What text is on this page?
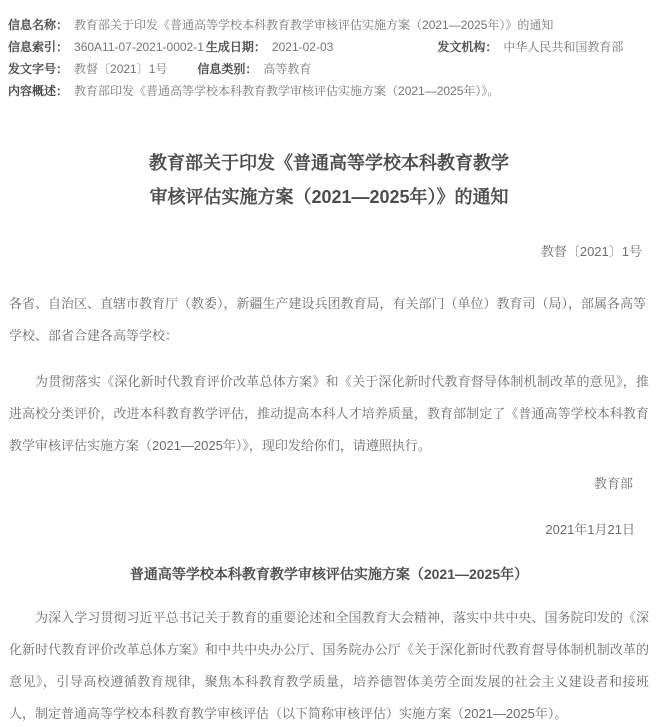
信息名称： 教育部关于印发《普通高等学校本科教育教学审核评估实施方案（2021—2025年）》的通知
信息索引： 360A11-07-2021-0002-1 生成日期： 2021-02-03	发文机构： 中华人民共和国教育部
发文字号： 教督〔2021〕1号	信息类别： 高等教育
内容概述： 教育部印发《普通高等学校本科教育教学审核评估实施方案（2021—2025年）》。
教育部关于印发《普通高等学校本科教育教学
审核评估实施方案（2021—2025年）》的通知
教督〔2021〕1号

各省、自治区、直辖市教育厅（教委），新疆生产建设兵团教育局，有关部门（单位）教育司（局），部属各高等学校、部省合建各高等学校：

为贯彻落实《深化新时代教育评价改革总体方案》和《关于深化新时代教育督导体制机制改革的意见》，推进高校分类评价，改进本科教育教学评估，推动提高本科人才培养质量，教育部制定了《普通高等学校本科教育教学审核评估实施方案（2021—2025年）》，现印发给你们，请遵照执行。

教育部

2021年1月21日

普通高等学校本科教育教学审核评估实施方案（2021—2025年）

为深入学习贯彻习近平总书记关于教育的重要论述和全国教育大会精神，落实中共中央、国务院印发的《深化新时代教育评价改革总体方案》和中共中央办公厅、国务院办公厅《关于深化新时代教育督导体制机制改革的意见》，引导高校遵循教育规律，聚焦本科教育教学质量，培养德智体美劳全面发展的社会主义建设者和接班人，制定普通高等学校本科教育教学审核评估（以下简称审核评估）实施方案（2021—2025年）。
